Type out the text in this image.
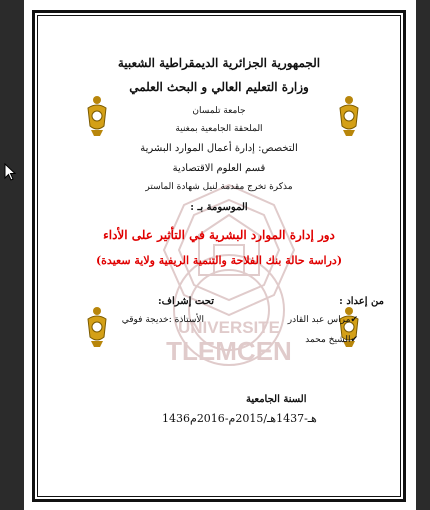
UNIVERSITE
TLEMCEN
الجمهورية الجزائرية الديمقراطية الشعبية
وزارة التعليم العالي و البحث العلمي
جامعة تلمسان
الملحقة الجامعية بمغنية
التخصص: إدارة أعمال الموارد البشرية
قسم العلوم الاقتصادية
مذكرة تخرج مقدمة لنيل شهادة الماستر
الموسومة بـ :
دور إدارة الموارد البشرية في التأثير على الأداء
(دراسة حالة بنك الفلاحة والتنمية الريفية ولاية سعيدة)
من إعداد :
تحت إشراف:
✔مراس عبد القادر
الأستاذة :خديجة فوقي
✔الشيخ محمد
السنة الجامعية
1436هـ-1437هـ/2015م-2016م
